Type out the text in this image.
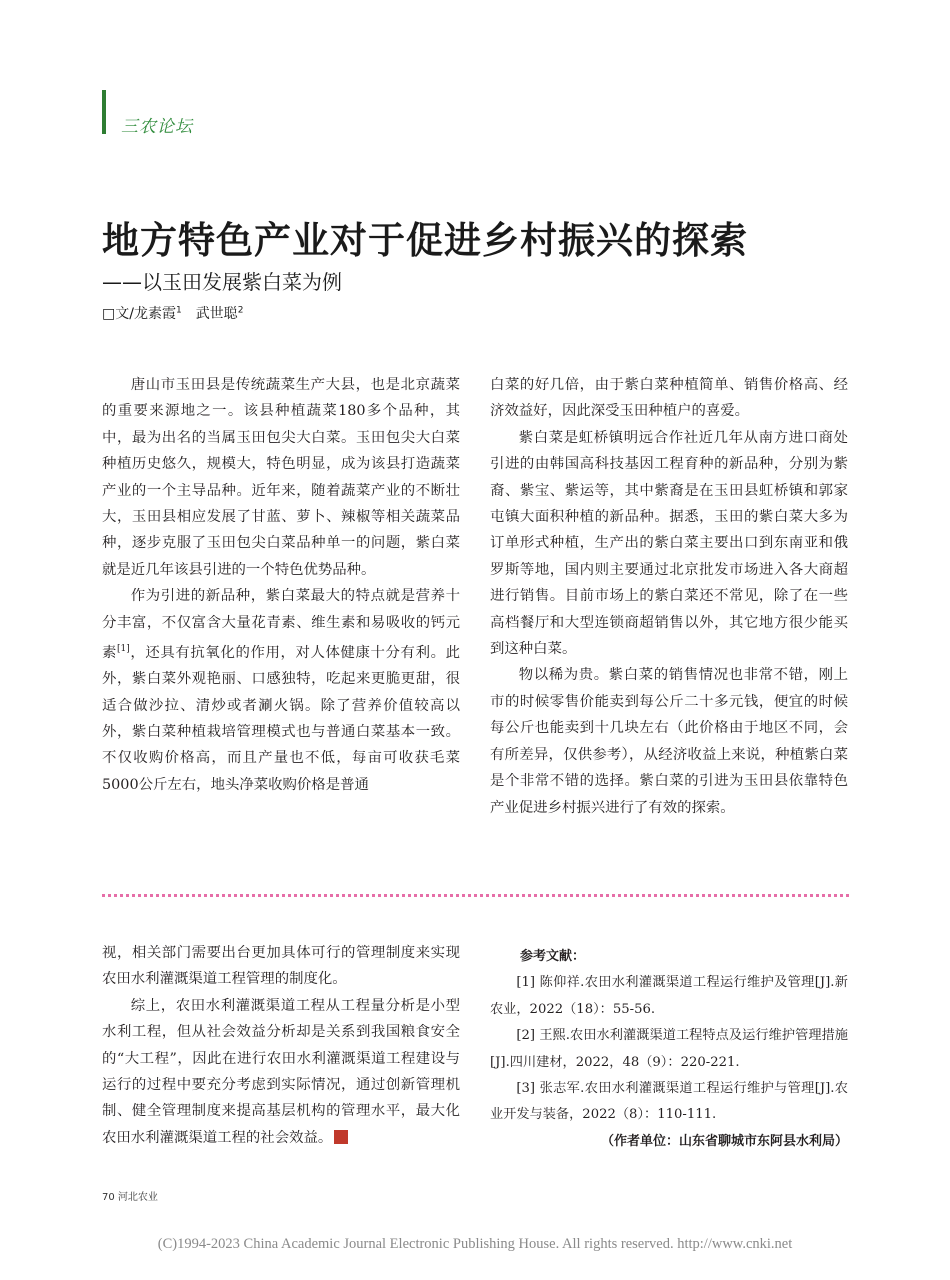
三农论坛
地方特色产业对于促进乡村振兴的探索
——以玉田发展紫白菜为例
□文/龙素霞$^1$ 武世聪$^2$

唐山市玉田县是传统蔬菜生产大县，也是北京蔬菜的重要来源地之一。该县种植蔬菜180多个品种，其中，最为出名的当属玉田包尖大白菜。玉田包尖大白菜种植历史悠久，规模大，特色明显，成为该县打造蔬菜产业的一个主导品种。近年来，随着蔬菜产业的不断壮大，玉田县相应发展了甘蓝、萝卜、辣椒等相关蔬菜品种，逐步克服了玉田包尖白菜品种单一的问题，紫白菜就是近几年该县引进的一个特色优势品种。

作为引进的新品种，紫白菜最大的特点就是营养十分丰富，不仅富含大量花青素、维生素和易吸收的钙元素[1]，还具有抗氧化的作用，对人体健康十分有利。此外，紫白菜外观艳丽、口感独特，吃起来更脆更甜，很适合做沙拉、清炒或者涮火锅。除了营养价值较高以外，紫白菜种植栽培管理模式也与普通白菜基本一致。不仅收购价格高，而且产量也不低，每亩可收获毛菜5000公斤左右，地头净菜收购价格是普通

白菜的好几倍，由于紫白菜种植简单、销售价格高、经济效益好，因此深受玉田种植户的喜爱。

紫白菜是虹桥镇明远合作社近几年从南方进口商处引进的由韩国高科技基因工程育种的新品种，分别为紫裔、紫宝、紫运等，其中紫裔是在玉田县虹桥镇和郭家屯镇大面积种植的新品种。据悉，玉田的紫白菜大多为订单形式种植，生产出的紫白菜主要出口到东南亚和俄罗斯等地，国内则主要通过北京批发市场进入各大商超进行销售。目前市场上的紫白菜还不常见，除了在一些高档餐厅和大型连锁商超销售以外，其它地方很少能买到这种白菜。

物以稀为贵。紫白菜的销售情况也非常不错，刚上市的时候零售价能卖到每公斤二十多元钱，便宜的时候每公斤也能卖到十几块左右（此价格由于地区不同，会有所差异，仅供参考），从经济收益上来说，种植紫白菜是个非常不错的选择。紫白菜的引进为玉田县依靠特色产业促进乡村振兴进行了有效的探索。

视，相关部门需要出台更加具体可行的管理制度来实现农田水利灌溉渠道工程管理的制度化。

综上，农田水利灌溉渠道工程从工程量分析是小型水利工程，但从社会效益分析却是关系到我国粮食安全的“大工程”，因此在进行农田水利灌溉渠道工程建设与运行的过程中要充分考虑到实际情况，通过创新管理机制、健全管理制度来提高基层机构的管理水平，最大化农田水利灌溉渠道工程的社会效益。

参考文献：

[1] 陈仰祥.农田水利灌溉渠道工程运行维护及管理[J].新农业，2022（18）：55-56.

[2] 王熙.农田水利灌溉渠道工程特点及运行维护管理措施[J].四川建材，2022，48（9）：220-221.

[3] 张志军.农田水利灌溉渠道工程运行维护与管理[J].农业开发与装备，2022（8）：110-111.

（作者单位：山东省聊城市东阿县水利局）
70 河北农业
(C)1994-2023 China Academic Journal Electronic Publishing House. All rights reserved. http://www.cnki.net
